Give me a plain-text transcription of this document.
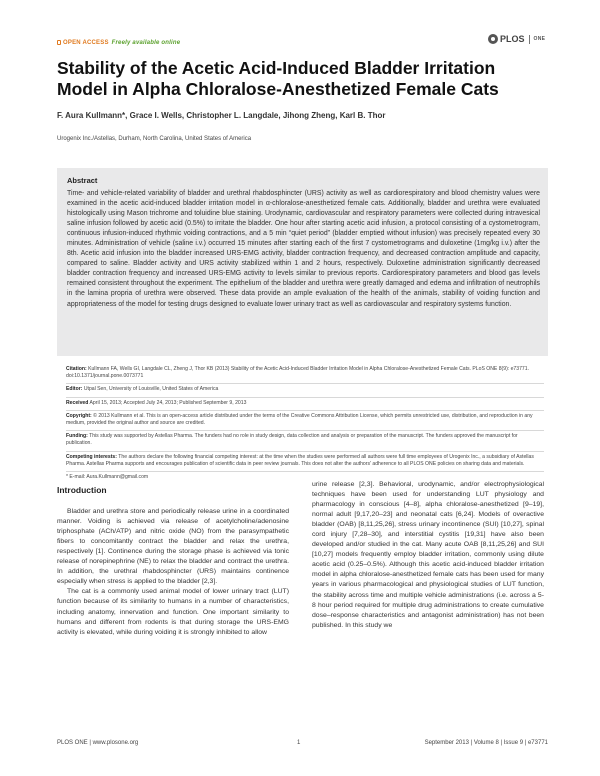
OPEN ACCESS Freely available online	PLOS ONE
Stability of the Acetic Acid-Induced Bladder Irritation Model in Alpha Chloralose-Anesthetized Female Cats
F. Aura Kullmann*, Grace I. Wells, Christopher L. Langdale, Jihong Zheng, Karl B. Thor
Urogenix Inc./Astellas, Durham, North Carolina, United States of America
Abstract
Time- and vehicle-related variability of bladder and urethral rhabdosphincter (URS) activity as well as cardiorespiratory and blood chemistry values were examined in the acetic acid-induced bladder irritation model in α-chloralose-anesthetized female cats. Additionally, bladder and urethra were evaluated histologically using Mason trichrome and toluidine blue staining. Urodynamic, cardiovascular and respiratory parameters were collected during intravesical saline infusion followed by acetic acid (0.5%) to irritate the bladder. One hour after starting acetic acid infusion, a protocol consisting of a cystometrogram, continuous infusion-induced rhythmic voiding contractions, and a 5 min “quiet period” (bladder emptied without infusion) was precisely repeated every 30 minutes. Administration of vehicle (saline i.v.) occurred 15 minutes after starting each of the first 7 cystometrograms and duloxetine (1mg/kg i.v.) after the 8th. Acetic acid infusion into the bladder increased URS-EMG activity, bladder contraction frequency, and decreased contraction amplitude and capacity, compared to saline. Bladder activity and URS activity stabilized within 1 and 2 hours, respectively. Duloxetine administration significantly decreased bladder contraction frequency and increased URS-EMG activity to levels similar to previous reports. Cardiorespiratory parameters and blood gas levels remained consistent throughout the experiment. The epithelium of the bladder and urethra were greatly damaged and edema and infiltration of neutrophils in the lamina propria of urethra were observed. These data provide an ample evaluation of the health of the animals, stability of voiding function and appropriateness of the model for testing drugs designed to evaluate lower urinary tract as well as cardiovascular and respiratory systems function.

Citation: Kullmann FA, Wells GI, Langdale CL, Zheng J, Thor KB (2013) Stability of the Acetic Acid-Induced Bladder Irritation Model in Alpha Chloralose-Anesthetized Female Cats. PLoS ONE 8(9): e73771. doi:10.1371/journal.pone.0073771

Editor: Utpal Sen, University of Louisville, United States of America

Received April 15, 2013; Accepted July 24, 2013; Published September 9, 2013

Copyright: © 2013 Kullmann et al. This is an open-access article distributed under the terms of the Creative Commons Attribution License, which permits unrestricted use, distribution, and reproduction in any medium, provided the original author and source are credited.

Funding: This study was supported by Astellas Pharma. The funders had no role in study design, data collection and analysis or preparation of the manuscript. The funders approved the manuscript for publication.

Competing interests: The authors declare the following financial competing interest: at the time when the studies were performed all authors were full time employees of Urogenix Inc., a subsidiary of Astellas Pharma. Astellas Pharma supports and encourages publication of scientific data in peer review journals. This does not alter the authors' adherence to all PLOS ONE policies on sharing data and materials.

* E-mail: Aura.Kullmann@gmail.com

Introduction

Bladder and urethra store and periodically release urine in a coordinated manner. Voiding is achieved via release of acetylcholine/adenosine triphosphate (ACh/ATP) and nitric oxide (NO) from the parasympathetic fibers to concomitantly contract the bladder and relax the urethra, respectively [1]. Continence during the storage phase is achieved via tonic release of norepinephrine (NE) to relax the bladder and contract the urethra. In addition, the urethral rhabdosphincter (URS) maintains continence especially when stress is applied to the bladder [2,3].

The cat is a commonly used animal model of lower urinary tract (LUT) function because of its similarity to humans in a number of characteristics, including anatomy, innervation and function. One important similarity to humans and different from rodents is that during storage the URS-EMG activity is elevated, while during voiding it is strongly inhibited to allow

urine release [2,3]. Behavioral, urodynamic, and/or electrophysiological techniques have been used for understanding LUT physiology and pharmacology in conscious [4–8], alpha chloralose-anesthetized [9–19], normal adult [9,17,20–23] and neonatal cats [6,24]. Models of overactive bladder (OAB) [8,11,25,26], stress urinary incontinence (SUI) [10,27], spinal cord injury [7,28–30], and interstitial cystitis [19,31] have also been developed and/or studied in the cat. Many acute OAB [8,11,25,26] and SUI [10,27] models frequently employ bladder irritation, commonly using dilute acetic acid (0.25–0.5%). Although this acetic acid-induced bladder irritation model in alpha chloralose-anesthetized female cats has been used for many years in various pharmacological and physiological studies of LUT function, the stability across time and multiple vehicle administrations (i.e. across a 5-8 hour period required for multiple drug administrations to create cumulative dose–response characteristics and antagonist administration) has not been published. In this study we

PLOS ONE | www.plosone.org	1	September 2013 | Volume 8 | Issue 9 | e73771
